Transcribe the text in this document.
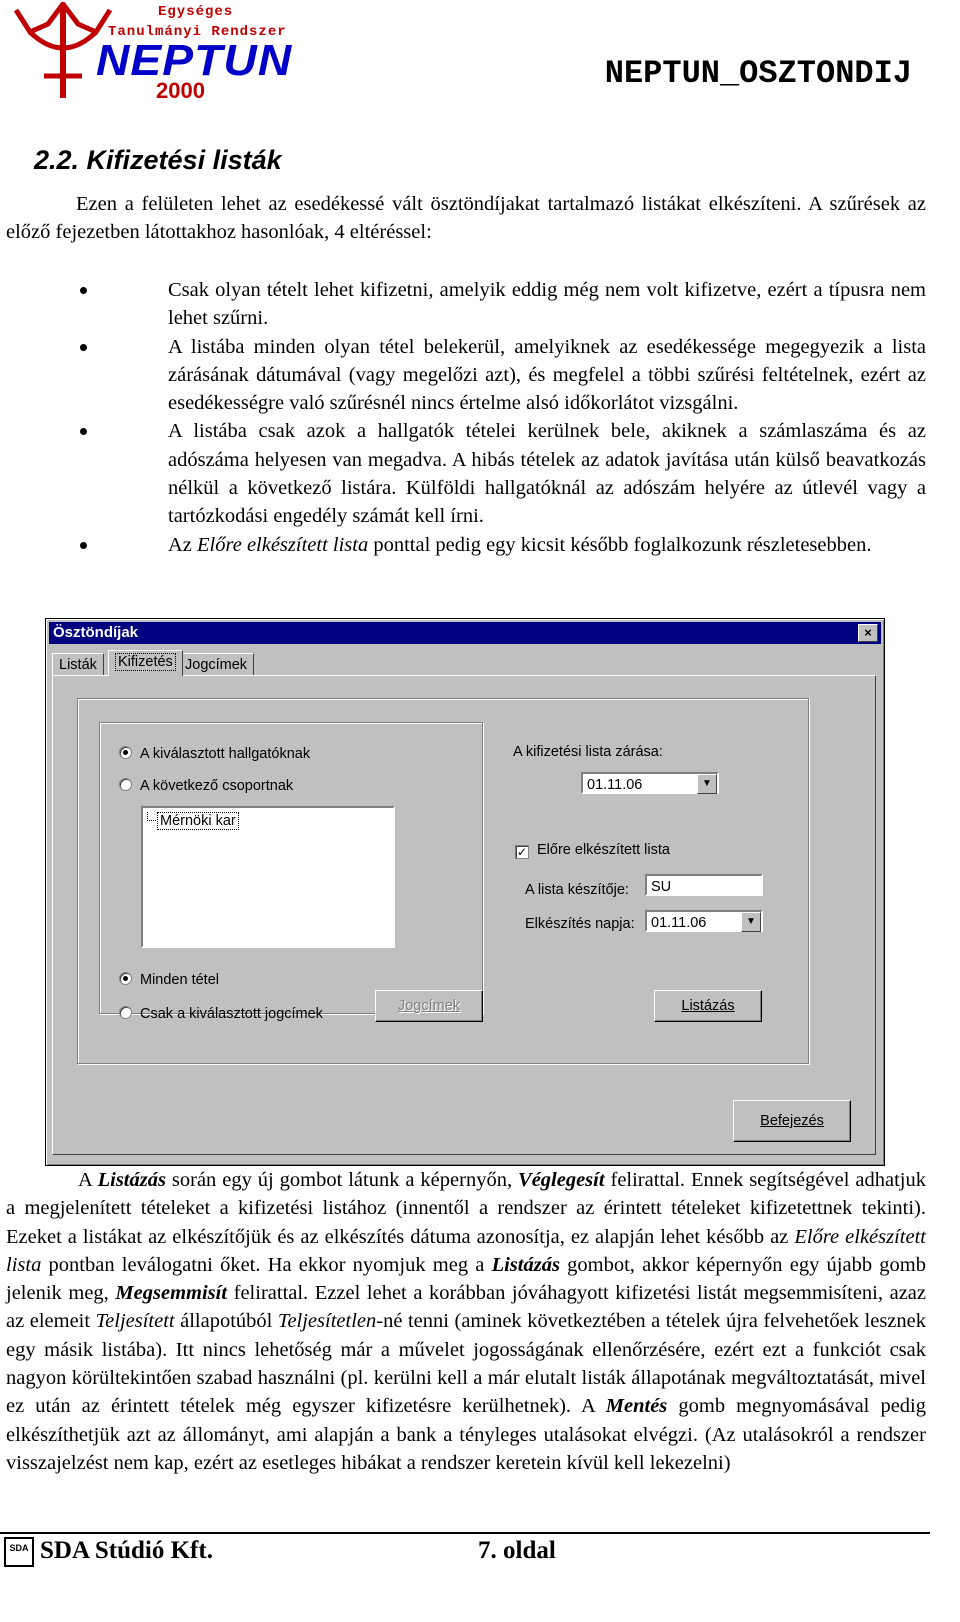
Egységes
Tanulmányi Rendszer
NEPTUN
2000	NEPTUN_OSZTONDIJ
2.2. Kifizetési listák
Ezen a felületen lehet az esedékessé vált ösztöndíjakat tartalmazó listákat elkészíteni. A szűrések az előző fejezetben látottakhoz hasonlóak, 4 eltéréssel:
Csak olyan tételt lehet kifizetni, amelyik eddig még nem volt kifizetve, ezért a típusra nem lehet szűrni.
A listába minden olyan tétel belekerül, amelyiknek az esedékessége megegyezik a lista zárásának dátumával (vagy megelőzi azt), és megfelel a többi szűrési feltételnek, ezért az esedékességre való szűrésnél nincs értelme alsó időkorlátot vizsgálni.
A listába csak azok a hallgatók tételei kerülnek bele, akiknek a számlaszáma és az adószáma helyesen van megadva. A hibás tételek az adatok javítása után külső beavatkozás nélkül a következő listára. Külföldi hallgatóknál az adószám helyére az útlevél vagy a tartózkodási engedély számát kell írni.
Az Előre elkészített lista ponttal pedig egy kicsit később foglalkozunk részletesebben.
Ösztöndíjak	×
Listák	Kifizetés Jogcímek
A kiválasztott hallgatóknak
A következő csoportnak
Mérnöki kar
A kifizetési lista zárása:
01.11.06	▼
✓ Előre elkészített lista
A lista készítője:	SU
Elkészítés napja:	01.11.06	▼
Minden tétel
Csak a kiválasztott jogcímek	Jogcímek	Listázás
Befejezés
A Listázás során egy új gombot látunk a képernyőn, Véglegesít felirattal. Ennek segítségével adhatjuk a megjelenített tételeket a kifizetési listához (innentől a rendszer az érintett tételeket kifizetettnek tekinti). Ezeket a listákat az elkészítőjük és az elkészítés dátuma azonosítja, ez alapján lehet később az Előre elkészített lista pontban leválogatni őket. Ha ekkor nyomjuk meg a Listázás gombot, akkor képernyőn egy újabb gomb jelenik meg, Megsemmisít felirattal. Ezzel lehet a korábban jóváhagyott kifizetési listát megsemmisíteni, azaz az elemeit Teljesített állapotúból Teljesítetlen-né tenni (aminek következtében a tételek újra felvehetőek lesznek egy másik listába). Itt nincs lehetőség már a művelet jogosságának ellenőrzésére, ezért ezt a funkciót csak nagyon körültekintően szabad használni (pl. kerülni kell a már elutalt listák állapotának megváltoztatását, mivel ez után az érintett tételek még egyszer kifizetésre kerülhetnek). A Mentés gomb megnyomásával pedig elkészíthetjük azt az állományt, ami alapján a bank a tényleges utalásokat elvégzi. (Az utalásokról a rendszer visszajelzést nem kap, ezért az esetleges hibákat a rendszer keretein kívül kell lekezelni)
SDA SDA Stúdió Kft.	7. oldal
